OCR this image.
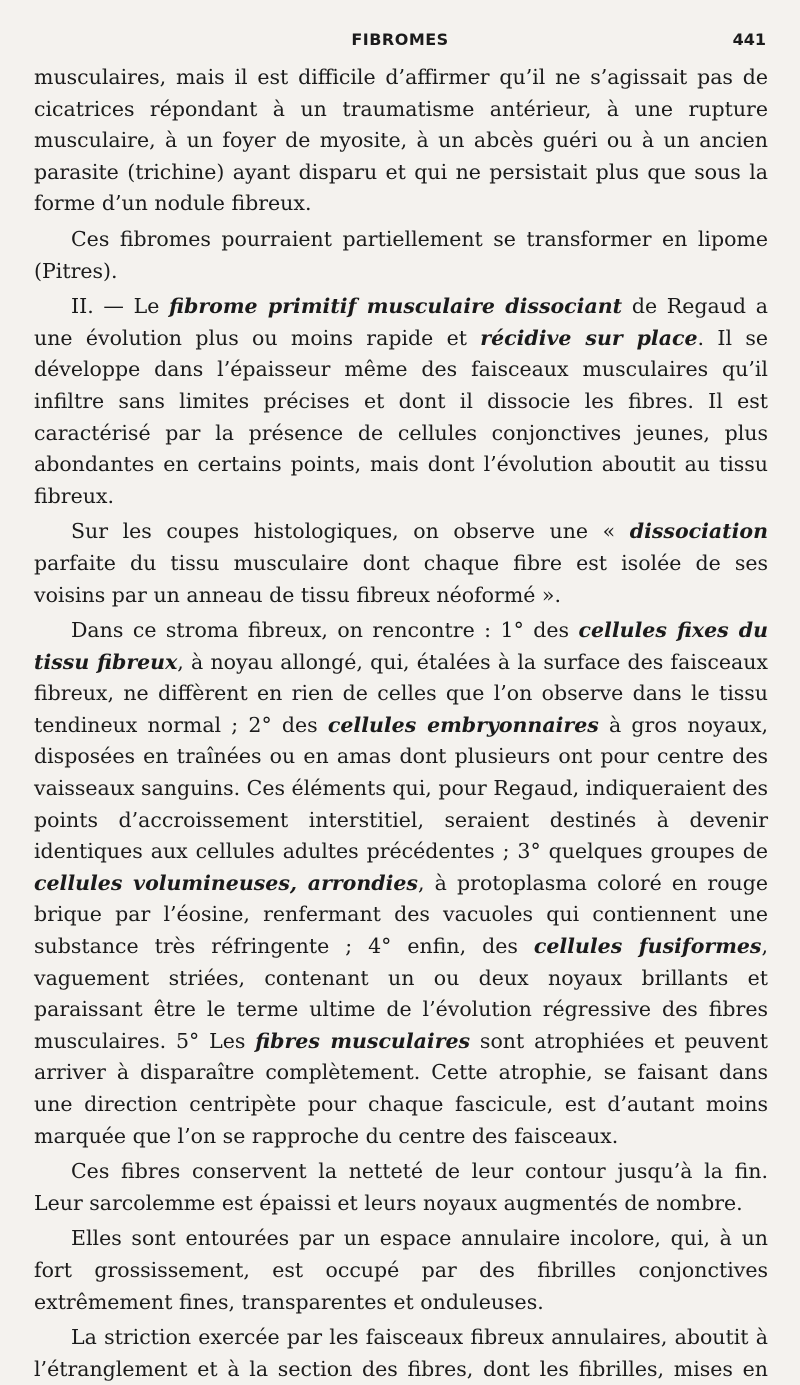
FIBROMES	441

musculaires, mais il est difficile d’affirmer qu’il ne s’agissait pas de cicatrices répondant à un traumatisme antérieur, à une rupture musculaire, à un foyer de myosite, à un abcès guéri ou à un ancien parasite (trichine) ayant disparu et qui ne persistait plus que sous la forme d’un nodule fibreux.

Ces fibromes pourraient partiellement se transformer en lipome (Pitres).

II. — Le fibrome primitif musculaire dissociant de Regaud a une évolution plus ou moins rapide et récidive sur place. Il se développe dans l’épaisseur même des faisceaux musculaires qu’il infiltre sans limites précises et dont il dissocie les fibres. Il est caractérisé par la présence de cellules conjonctives jeunes, plus abondantes en certains points, mais dont l’évolution aboutit au tissu fibreux.

Sur les coupes histologiques, on observe une « dissociation parfaite du tissu musculaire dont chaque fibre est isolée de ses voisins par un anneau de tissu fibreux néoformé ».

Dans ce stroma fibreux, on rencontre : 1° des cellules fixes du tissu fibreux, à noyau allongé, qui, étalées à la surface des faisceaux fibreux, ne diffèrent en rien de celles que l’on observe dans le tissu tendineux normal ; 2° des cellules embryonnaires à gros noyaux, disposées en traînées ou en amas dont plusieurs ont pour centre des vaisseaux sanguins. Ces éléments qui, pour Regaud, indiqueraient des points d’accroissement interstitiel, seraient destinés à devenir identiques aux cellules adultes précédentes ; 3° quelques groupes de cellules volumineuses, arrondies, à protoplasma coloré en rouge brique par l’éosine, renfermant des vacuoles qui contiennent une substance très réfringente ; 4° enfin, des cellules fusiformes, vaguement striées, contenant un ou deux noyaux brillants et paraissant être le terme ultime de l’évolution régressive des fibres musculaires. 5° Les fibres musculaires sont atrophiées et peuvent arriver à disparaître complètement. Cette atrophie, se faisant dans une direction centripète pour chaque fascicule, est d’autant moins marquée que l’on se rapproche du centre des faisceaux.

Ces fibres conservent la netteté de leur contour jusqu’à la fin. Leur sarcolemme est épaissi et leurs noyaux augmentés de nombre.

Elles sont entourées par un espace annulaire incolore, qui, à un fort grossissement, est occupé par des fibrilles conjonctives extrêmement fines, transparentes et onduleuses.

La striction exercée par les faisceaux fibreux annulaires, aboutit à l’étranglement et à la section des fibres, dont les fibrilles, mises en
